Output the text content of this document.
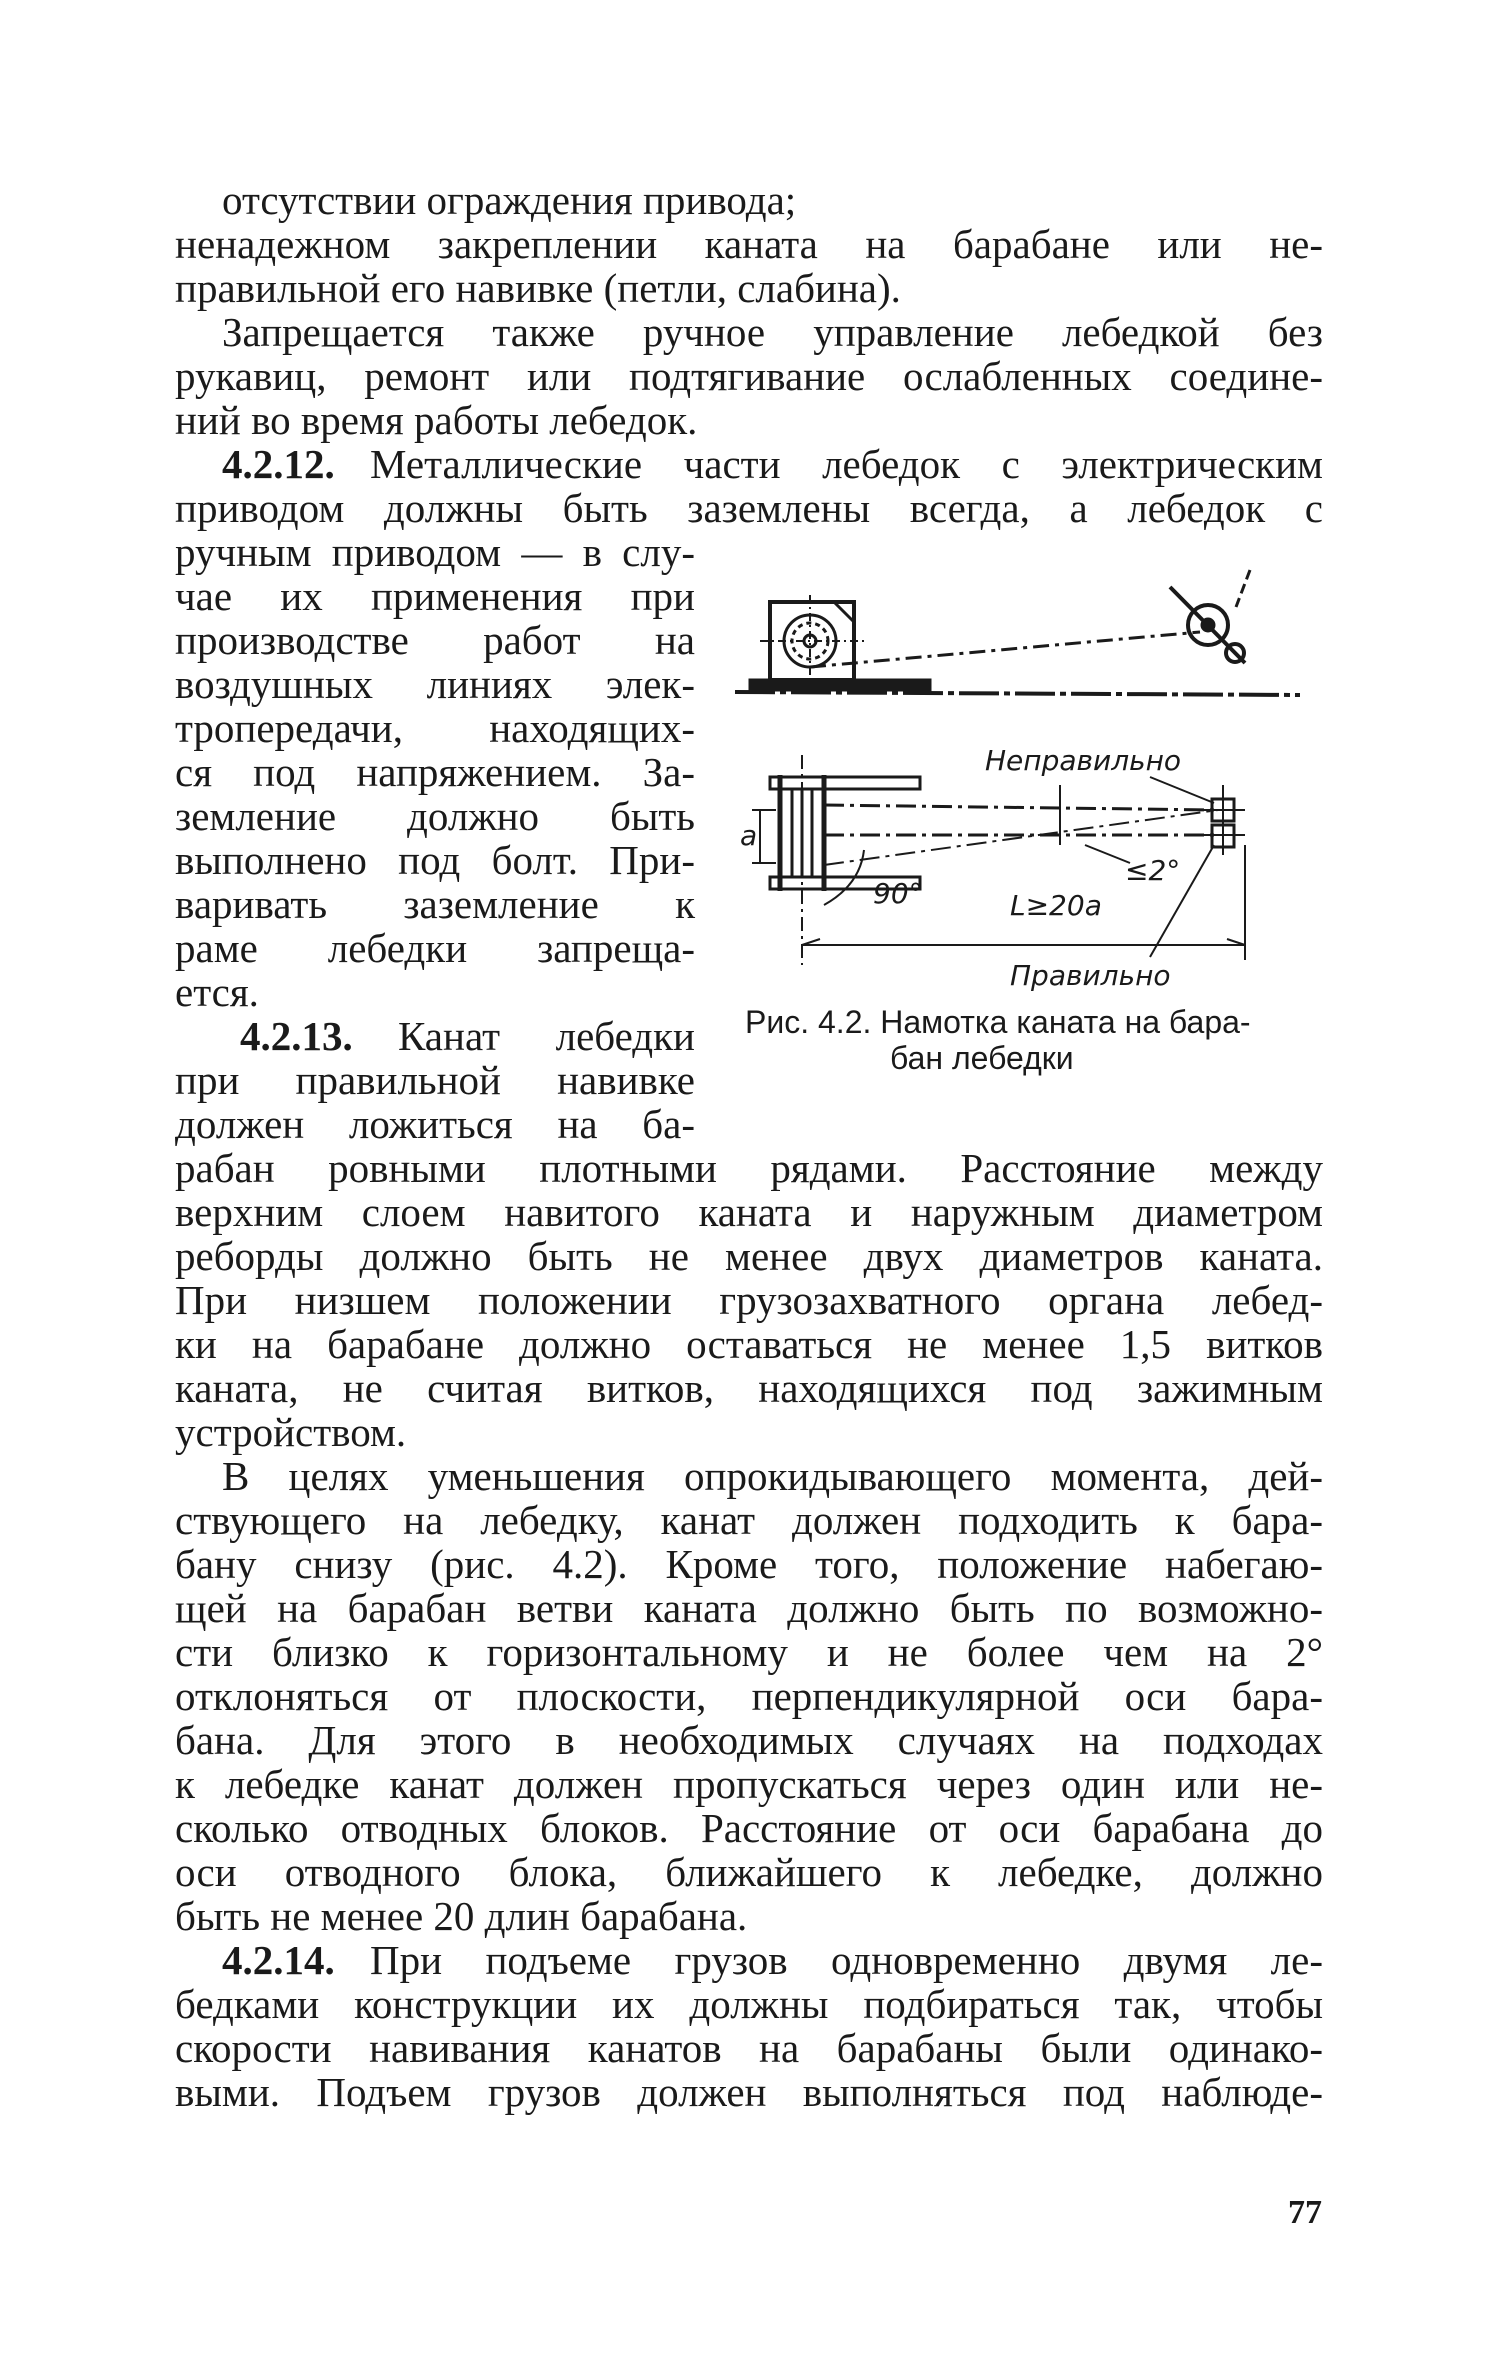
отсутствии ограждения привода;
ненадежном закреплении каната на барабане или не-
правильной его навивке (петли, слабина).
Запрещается также ручное управление лебедкой без
рукавиц, ремонт или подтягивание ослабленных соедине-
ний во время работы лебедок.
4.2.12. Металлические части лебедок с электрическим
приводом должны быть заземлены всегда, а лебедок с
ручным приводом — в слу-
чае их применения при
производстве работ на
воздушных линиях элек-
тропередачи, находящих-
ся под напряжением. За-
земление должно быть
выполнено под болт. При-
варивать заземление к
раме лебедки запреща-
ется.
4.2.13. Канат лебедки
при правильной навивке
должен ложиться на ба-
Неправильно
a
90°
≤2°
L≥20a
Правильно
Рис. 4.2. Намотка каната на бара-
бан лебедки
рабан ровными плотными рядами. Расстояние между
верхним слоем навитого каната и наружным диаметром
реборды должно быть не менее двух диаметров каната.
При низшем положении грузозахватного органа лебед-
ки на барабане должно оставаться не менее 1,5 витков
каната, не считая витков, находящихся под зажимным
устройством.
В целях уменьшения опрокидывающего момента, дей-
ствующего на лебедку, канат должен подходить к бара-
бану снизу (рис. 4.2). Кроме того, положение набегаю-
щей на барабан ветви каната должно быть по возможно-
сти близко к горизонтальному и не более чем на 2°
отклоняться от плоскости, перпендикулярной оси бара-
бана. Для этого в необходимых случаях на подходах
к лебедке канат должен пропускаться через один или не-
сколько отводных блоков. Расстояние от оси барабана до
оси отводного блока, ближайшего к лебедке, должно
быть не менее 20 длин барабана.
4.2.14. При подъеме грузов одновременно двумя ле-
бедками конструкции их должны подбираться так, чтобы
скорости навивания канатов на барабаны были одинако-
выми. Подъем грузов должен выполняться под наблюде-
77
